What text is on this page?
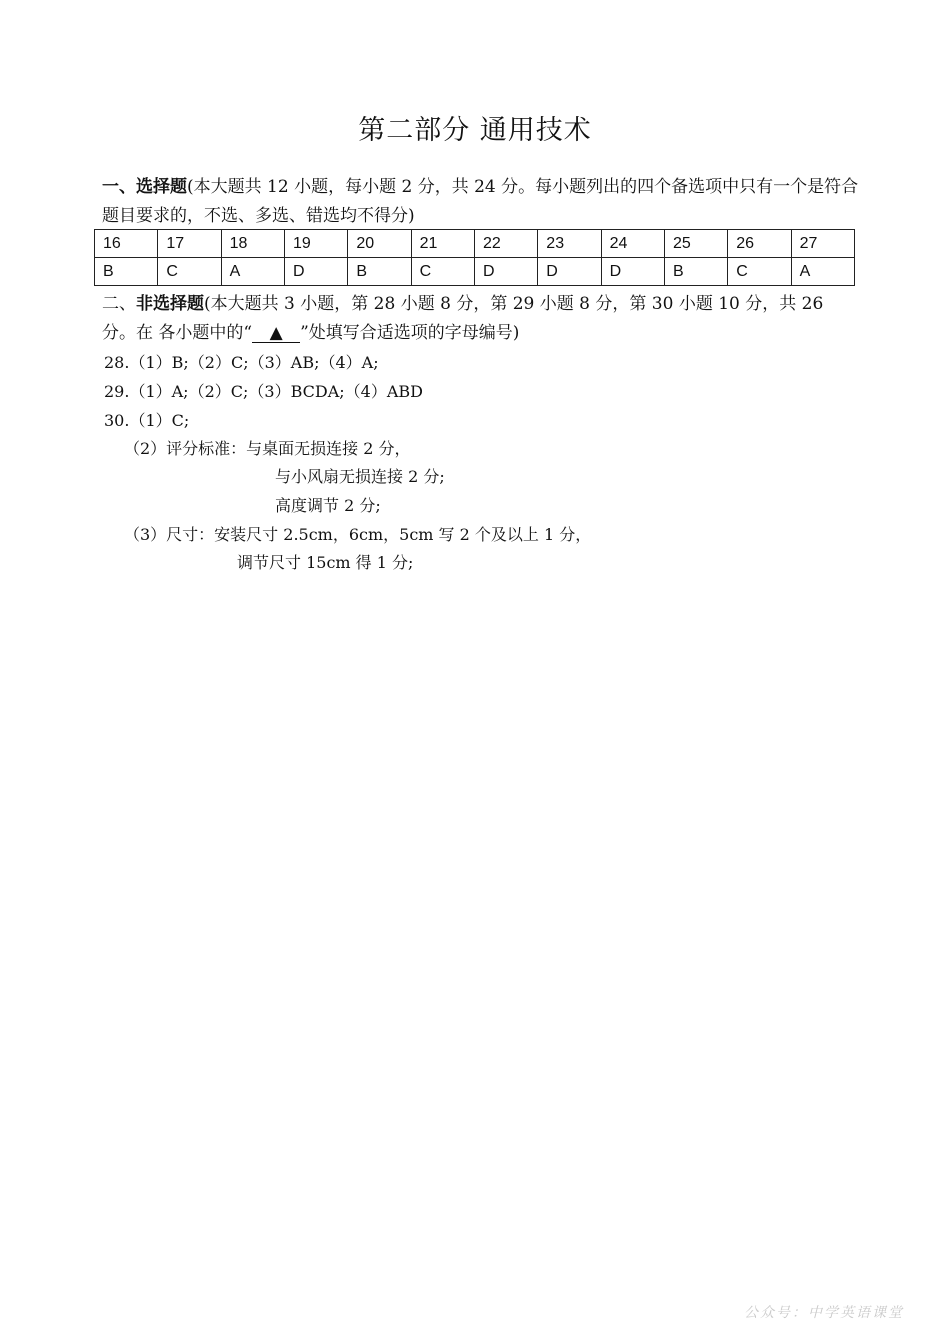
第二部分 通用技术
一、选择题(本大题共 12 小题，每小题 2 分，共 24 分。每小题列出的四个备选项中只有一个是符合题目要求的，不选、多选、错选均不得分)
16	17	18	19	20	21	22	23	24	25	26	27
B	C	A	D	B	C	D	D	D	B	C	A
二、非选择题(本大题共 3 小题，第 28 小题 8 分，第 29 小题 8 分，第 30 小题 10 分，共 26 分。在 各小题中的“ ▲ ”处填写合适选项的字母编号)
28.（1）B;（2）C;（3）AB;（4）A;
29.（1）A;（2）C;（3）BCDA;（4）ABD
30.（1）C;
（2）评分标准：与桌面无损连接 2 分，
与小风扇无损连接 2 分;
高度调节 2 分;
（3）尺寸：安装尺寸 2.5cm，6cm，5cm 写 2 个及以上 1 分，
调节尺寸 15cm 得 1 分;
公众号：中学英语课堂
